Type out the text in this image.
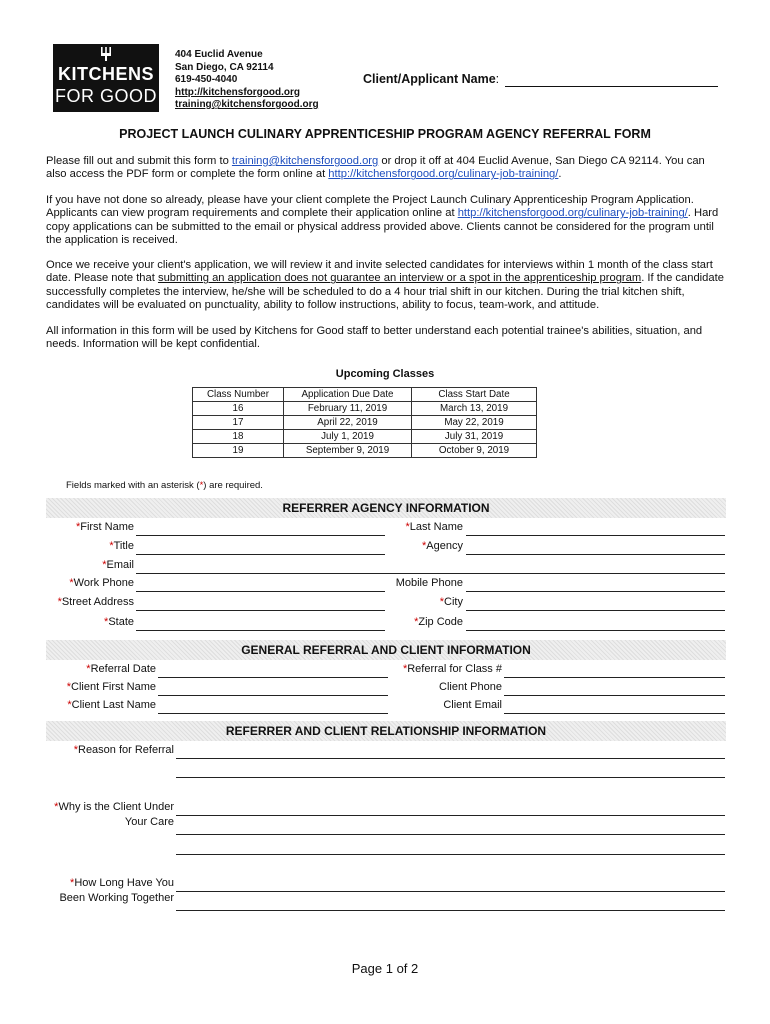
KITCHENS
FOR GOOD
404 Euclid Avenue
San Diego, CA 92114
619-450-4040
http://kitchensforgood.org
training@kitchensforgood.org
Client/Applicant Name:
PROJECT LAUNCH CULINARY APPRENTICESHIP PROGRAM AGENCY REFERRAL FORM
Please fill out and submit this form to training@kitchensforgood.org or drop it off at 404 Euclid Avenue, San Diego CA 92114. You can also access the PDF form or complete the form online at http://kitchensforgood.org/culinary-job-training/.
If you have not done so already, please have your client complete the Project Launch Culinary Apprenticeship Program Application. Applicants can view program requirements and complete their application online at http://kitchensforgood.org/culinary-job-training/. Hard copy applications can be submitted to the email or physical address provided above. Clients cannot be considered for the program until the application is received.
Once we receive your client's application, we will review it and invite selected candidates for interviews within 1 month of the class start date. Please note that submitting an application does not guarantee an interview or a spot in the apprenticeship program. If the candidate successfully completes the interview, he/she will be scheduled to do a 4 hour trial shift in our kitchen. During the trial kitchen shift, candidates will be evaluated on punctuality, ability to follow instructions, ability to focus, team-work, and attitude.
All information in this form will be used by Kitchens for Good staff to better understand each potential trainee's abilities, situation, and needs. Information will be kept confidential.
Upcoming Classes
Class Number	Application Due Date	Class Start Date
16	February 11, 2019	March 13, 2019
17	April 22, 2019	May 22, 2019
18	July 1, 2019	July 31, 2019
19	September 9, 2019	October 9, 2019
Fields marked with an asterisk (*) are required.
REFERRER AGENCY INFORMATION
*First Name	*Last Name
*Title	*Agency
*Email
*Work Phone	Mobile Phone
*Street Address	*City
*State	*Zip Code
GENERAL REFERRAL AND CLIENT INFORMATION
*Referral Date	*Referral for Class #
*Client First Name	Client Phone
*Client Last Name	Client Email
REFERRER AND CLIENT RELATIONSHIP INFORMATION
*Reason for Referral
*Why is the Client Under
Your Care
*How Long Have You
Been Working Together
Page 1 of 2
